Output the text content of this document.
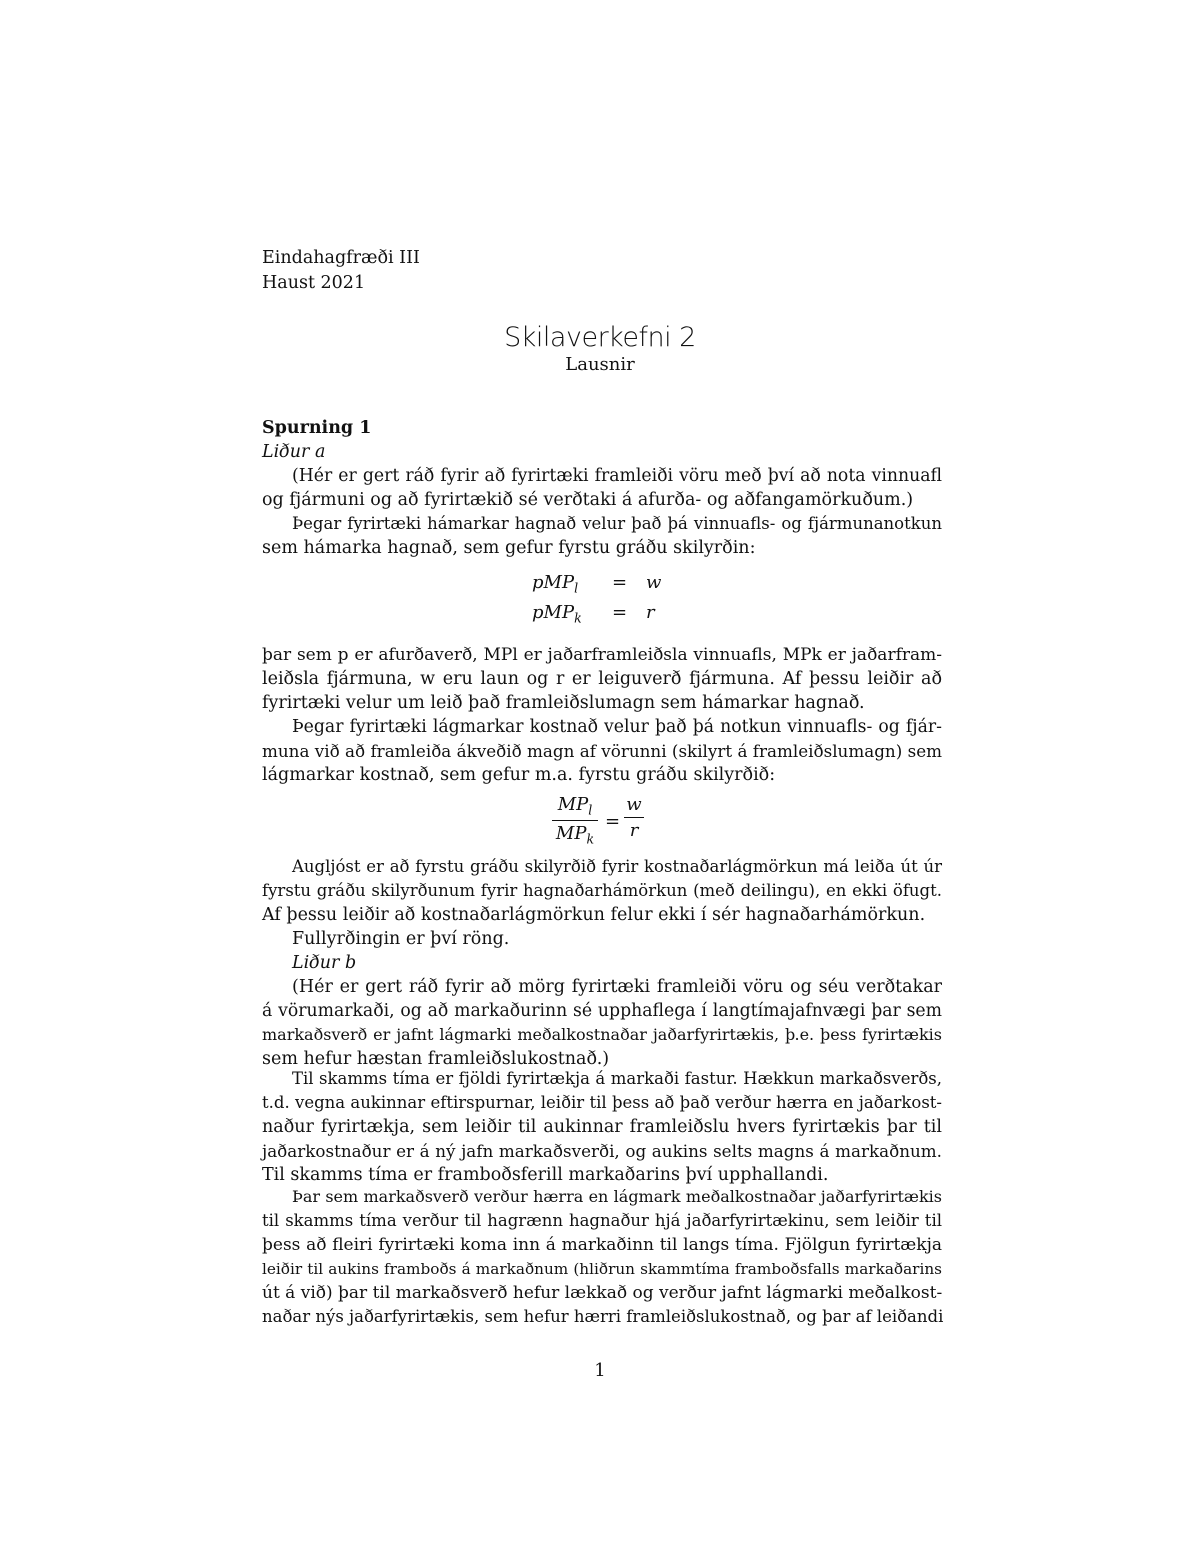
Eindahagfræði III
Haust 2021
Skilaverkefni 2
Lausnir
Spurning 1
Liður a
(Hér er gert ráð fyrir að fyrirtæki framleiði vöru með því að nota vinnuafl
og fjármuni og að fyrirtækið sé verðtaki á afurða- og aðfangamörkuðum.)
Þegar fyrirtæki hámarkar hagnað velur það þá vinnuafls- og fjármunanotkun
sem hámarka hagnað, sem gefur fyrstu gráðu skilyrðin:
pMP$_l$ = w
pMP$_k$ = r
þar sem p er afurðaverð, MPl er jaðarframleiðsla vinnuafls, MPk er jaðarfram-
leiðsla fjármuna, w eru laun og r er leiguverð fjármuna. Af þessu leiðir að
fyrirtæki velur um leið það framleiðslumagn sem hámarkar hagnað.
Þegar fyrirtæki lágmarkar kostnað velur það þá notkun vinnuafls- og fjár-
muna við að framleiða ákveðið magn af vörunni (skilyrt á framleiðslumagn) sem
lágmarkar kostnað, sem gefur m.a. fyrstu gráðu skilyrðið:
$MP_l$
$MP_k$
=
w
r
Augljóst er að fyrstu gráðu skilyrðið fyrir kostnaðarlágmörkun má leiða út úr
fyrstu gráðu skilyrðunum fyrir hagnaðarhámörkun (með deilingu), en ekki öfugt.
Af þessu leiðir að kostnaðarlágmörkun felur ekki í sér hagnaðarhámörkun.
Fullyrðingin er því röng.
Liður b
(Hér er gert ráð fyrir að mörg fyrirtæki framleiði vöru og séu verðtakar
á vörumarkaði, og að markaðurinn sé upphaflega í langtímajafnvægi þar sem
markaðsverð er jafnt lágmarki meðalkostnaðar jaðarfyrirtækis, þ.e. þess fyrirtækis
sem hefur hæstan framleiðslukostnað.)
Til skamms tíma er fjöldi fyrirtækja á markaði fastur. Hækkun markaðsverðs,
t.d. vegna aukinnar eftirspurnar, leiðir til þess að það verður hærra en jaðarkost-
naður fyrirtækja, sem leiðir til aukinnar framleiðslu hvers fyrirtækis þar til
jaðarkostnaður er á ný jafn markaðsverði, og aukins selts magns á markaðnum.
Til skamms tíma er framboðsferill markaðarins því upphallandi.
Þar sem markaðsverð verður hærra en lágmark meðalkostnaðar jaðarfyrirtækis
til skamms tíma verður til hagrænn hagnaður hjá jaðarfyrirtækinu, sem leiðir til
þess að fleiri fyrirtæki koma inn á markaðinn til langs tíma. Fjölgun fyrirtækja
leiðir til aukins framboðs á markaðnum (hliðrun skammtíma framboðsfalls markaðarins
út á við) þar til markaðsverð hefur lækkað og verður jafnt lágmarki meðalkost-
naðar nýs jaðarfyrirtækis, sem hefur hærri framleiðslukostnað, og þar af leiðandi
1
